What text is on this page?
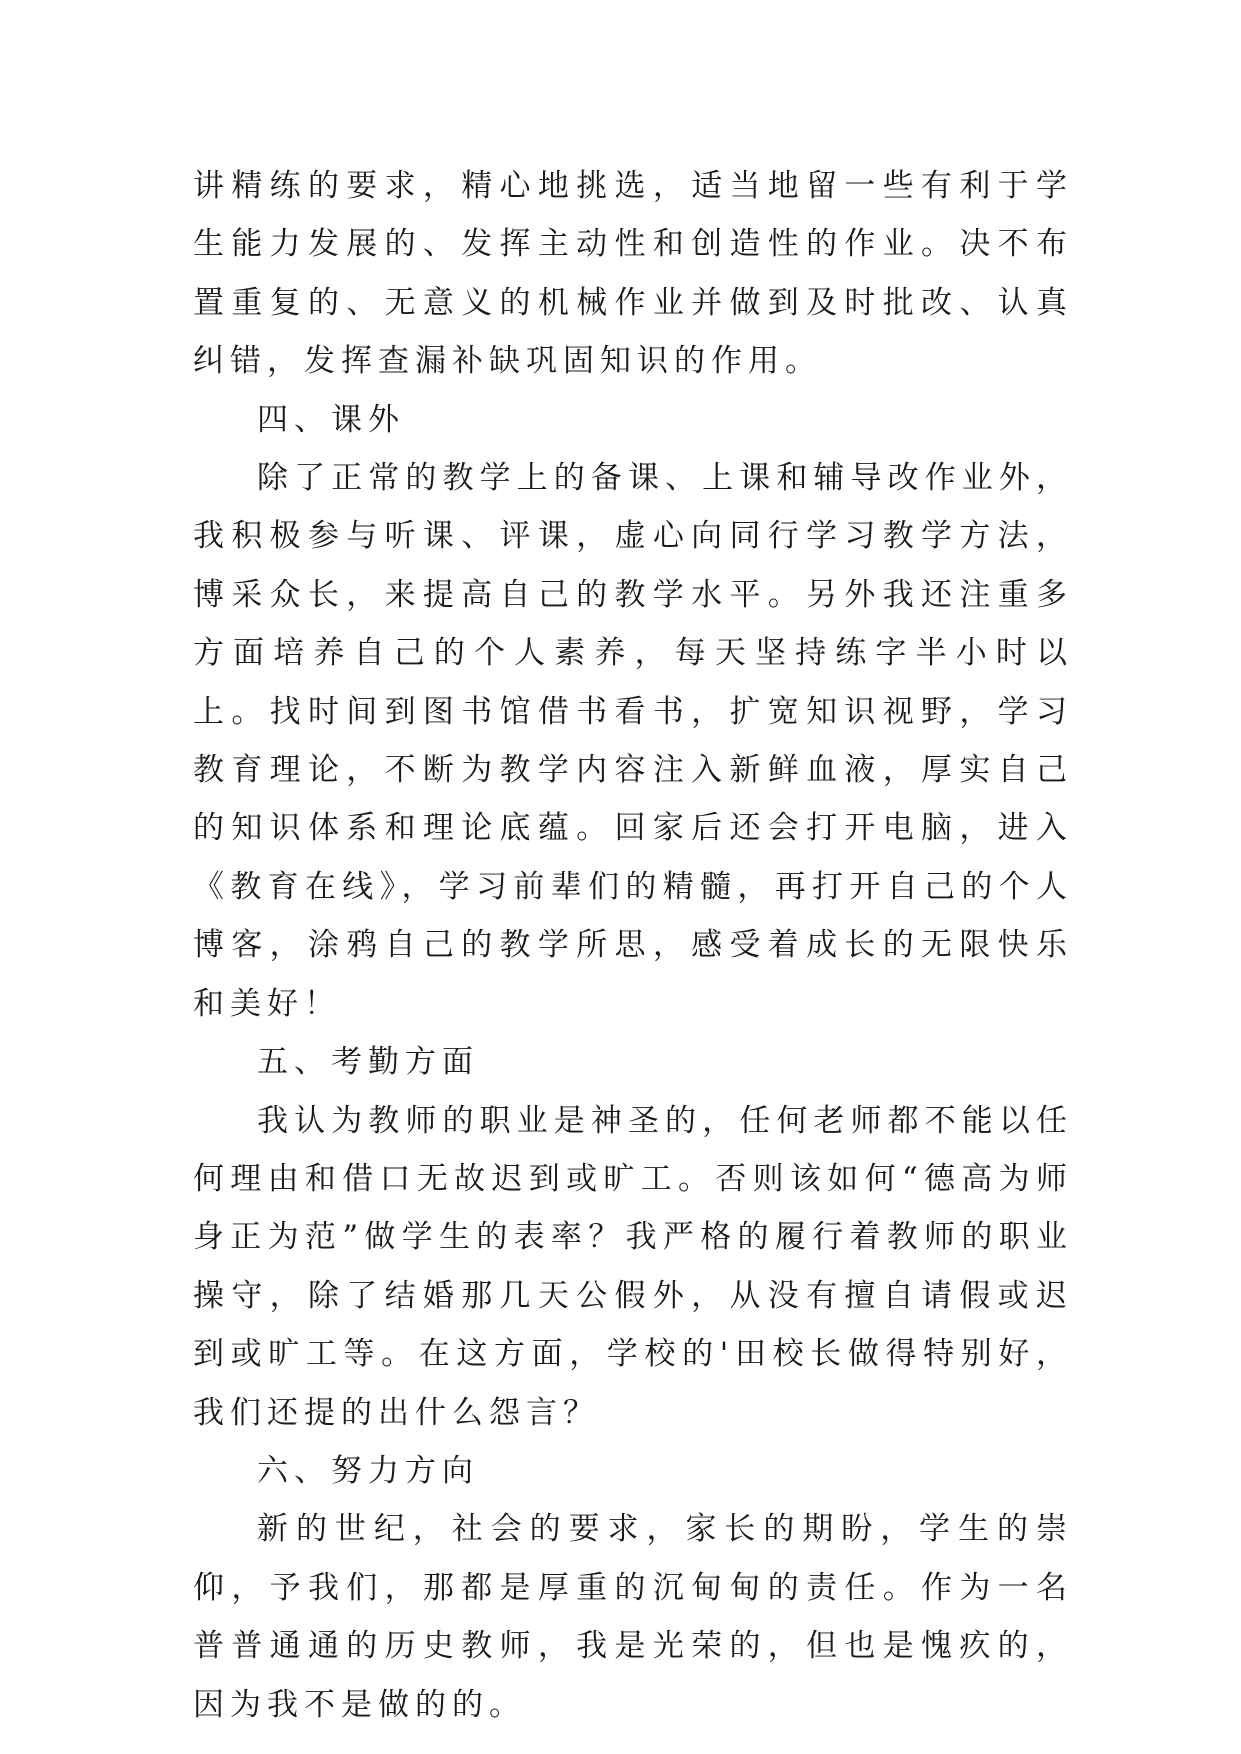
讲精练的要求，精心地挑选，适当地留一些有利于学生能力发展的、发挥主动性和创造性的作业。决不布置重复的、无意义的机械作业并做到及时批改、认真纠错，发挥查漏补缺巩固知识的作用。

四、课外

除了正常的教学上的备课、上课和辅导改作业外，我积极参与听课、评课，虚心向同行学习教学方法，博采众长，来提高自己的教学水平。另外我还注重多方面培养自己的个人素养，每天坚持练字半小时以上。找时间到图书馆借书看书，扩宽知识视野，学习教育理论，不断为教学内容注入新鲜血液，厚实自己的知识体系和理论底蕴。回家后还会打开电脑，进入《教育在线》，学习前辈们的精髓，再打开自己的个人博客，涂鸦自己的教学所思，感受着成长的无限快乐和美好！

五、考勤方面

我认为教师的职业是神圣的，任何老师都不能以任何理由和借口无故迟到或旷工。否则该如何“德高为师身正为范”做学生的表率？我严格的履行着教师的职业操守，除了结婚那几天公假外，从没有擅自请假或迟到或旷工等。在这方面，学校的'田校长做得特别好，我们还提的出什么怨言？

六、努力方向

新的世纪，社会的要求，家长的期盼，学生的崇仰，予我们，那都是厚重的沉甸甸的责任。作为一名普普通通的历史教师，我是光荣的，但也是愧疚的，因为我不是做的的。
